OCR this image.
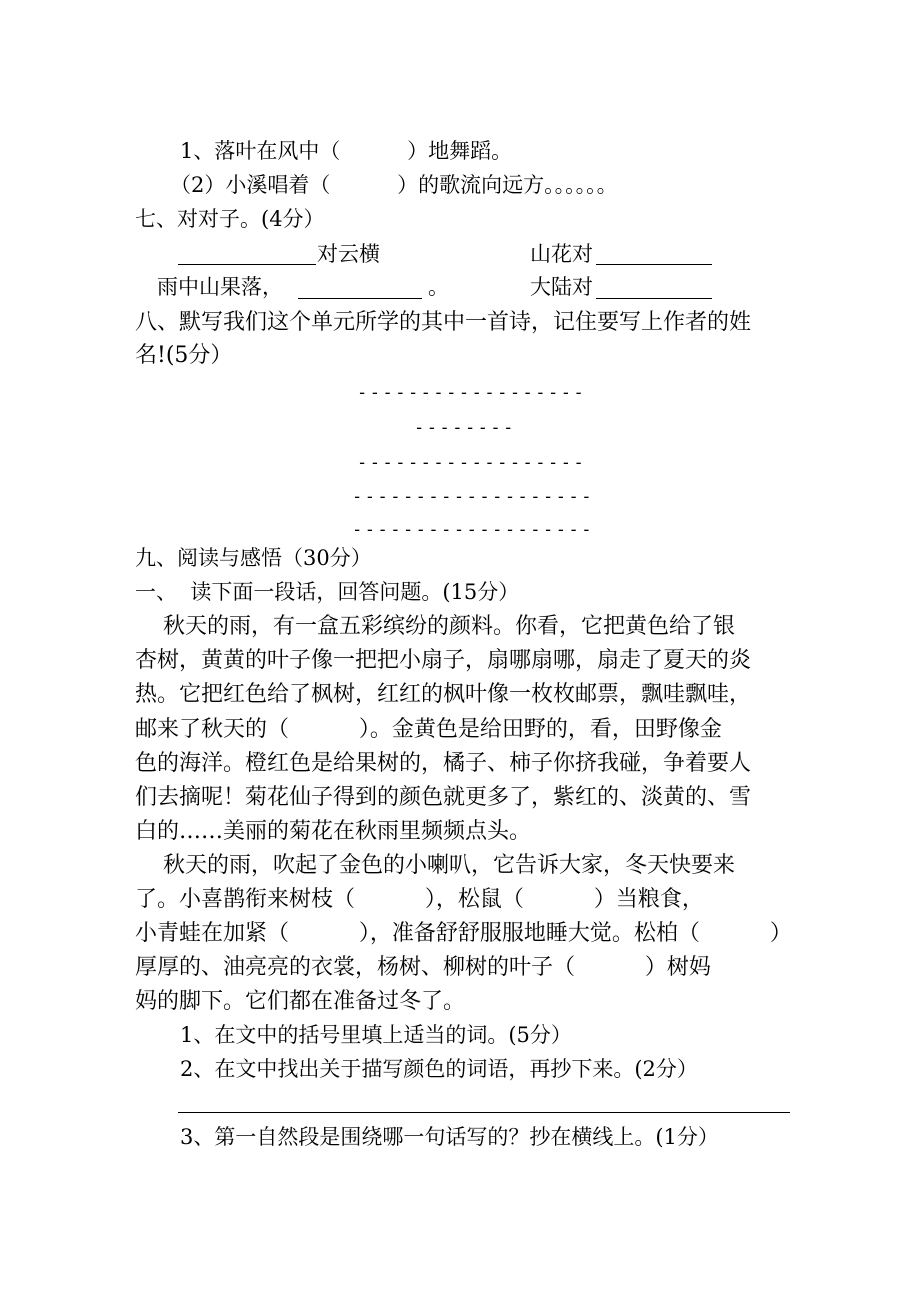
1、落叶在风中（          ）地舞蹈。
（2）小溪唱着（          ）的歌流向远方。。。。。。
七、对对子。(4分）
对云横	山花对
雨中山果落，	。	大陆对
八、默写我们这个单元所学的其中一首诗，记住要写上作者的姓
名!(5分）
------------------
--------
------------------
-------------------
-------------------
九、阅读与感悟（30分）
一、  读下面一段话，回答问题。(15分）
秋天的雨，有一盒五彩缤纷的颜料。你看，它把黄色给了银
杏树，黄黄的叶子像一把把小扇子，扇哪扇哪，扇走了夏天的炎
热。它把红色给了枫树，红红的枫叶像一枚枚邮票，飘哇飘哇，
邮来了秋天的（          ）。金黄色是给田野的，看，田野像金
色的海洋。橙红色是给果树的，橘子、柿子你挤我碰，争着要人
们去摘呢！菊花仙子得到的颜色就更多了，紫红的、淡黄的、雪
白的……美丽的菊花在秋雨里频频点头。
秋天的雨，吹起了金色的小喇叭，它告诉大家，冬天快要来
了。小喜鹊衔来树枝（          ），松鼠（          ）当粮食，
小青蛙在加紧（          ），准备舒舒服服地睡大觉。松柏（          ）
厚厚的、油亮亮的衣裳，杨树、柳树的叶子（          ）树妈
妈的脚下。它们都在准备过冬了。
1、在文中的括号里填上适当的词。(5分）
2、在文中找出关于描写颜色的词语，再抄下来。(2分）
3、第一自然段是围绕哪一句话写的？抄在横线上。(1分）
